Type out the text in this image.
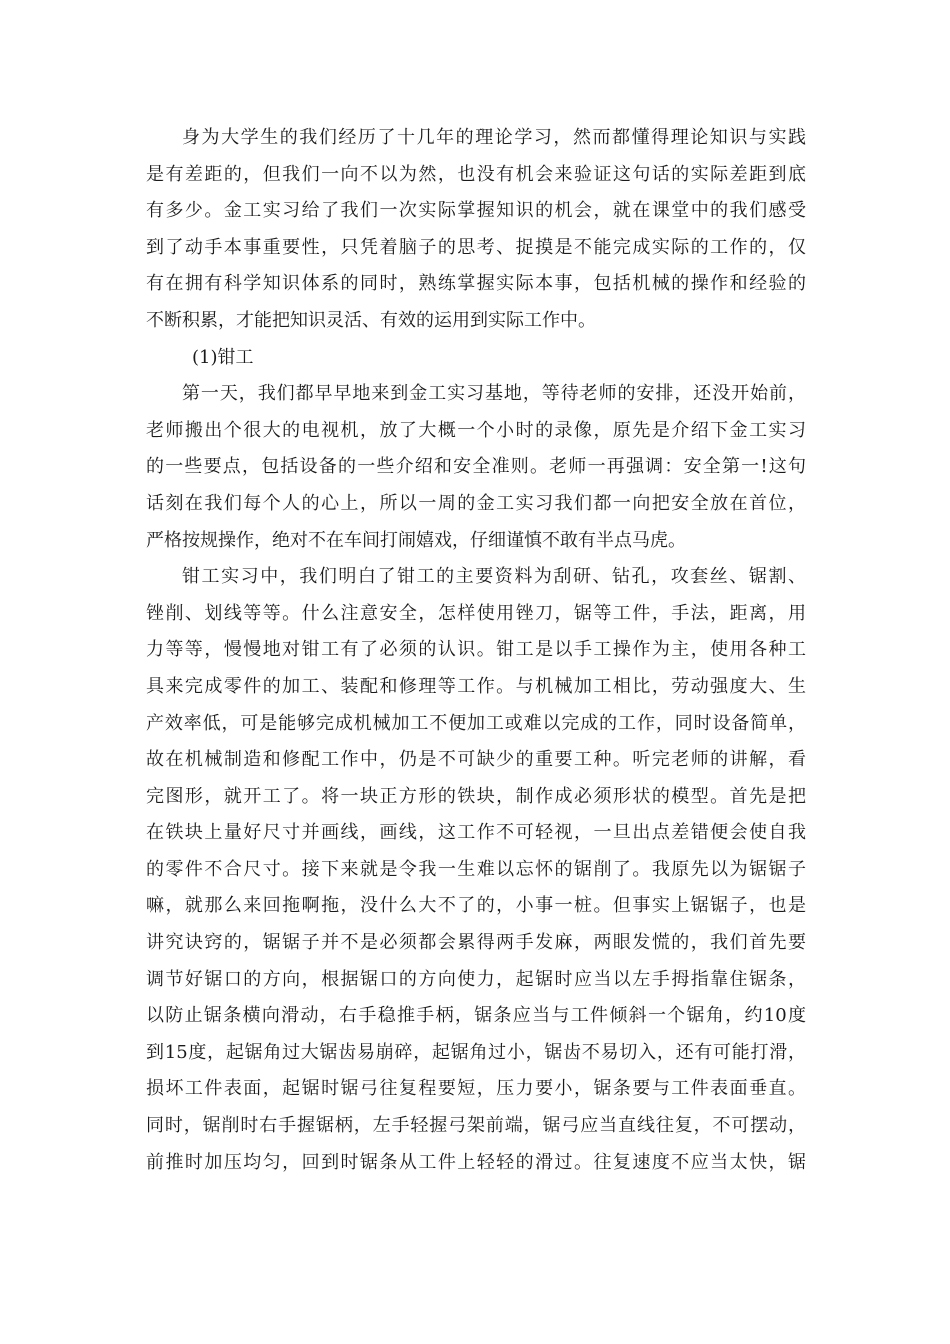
身为大学生的我们经历了十几年的理论学习，然而都懂得理论知识与实践
是有差距的，但我们一向不以为然，也没有机会来验证这句话的实际差距到底
有多少。金工实习给了我们一次实际掌握知识的机会，就在课堂中的我们感受
到了动手本事重要性，只凭着脑子的思考、捉摸是不能完成实际的工作的，仅
有在拥有科学知识体系的同时，熟练掌握实际本事，包括机械的操作和经验的
不断积累，才能把知识灵活、有效的运用到实际工作中。
(1)钳工
第一天，我们都早早地来到金工实习基地，等待老师的安排，还没开始前，
老师搬出个很大的电视机，放了大概一个小时的录像，原先是介绍下金工实习
的一些要点，包括设备的一些介绍和安全准则。老师一再强调：安全第一!这句
话刻在我们每个人的心上，所以一周的金工实习我们都一向把安全放在首位，
严格按规操作，绝对不在车间打闹嬉戏，仔细谨慎不敢有半点马虎。
钳工实习中，我们明白了钳工的主要资料为刮研、钻孔，攻套丝、锯割、
锉削、划线等等。什么注意安全，怎样使用锉刀，锯等工件，手法，距离，用
力等等，慢慢地对钳工有了必须的认识。钳工是以手工操作为主，使用各种工
具来完成零件的加工、装配和修理等工作。与机械加工相比，劳动强度大、生
产效率低，可是能够完成机械加工不便加工或难以完成的工作，同时设备简单，
故在机械制造和修配工作中，仍是不可缺少的重要工种。听完老师的讲解，看
完图形，就开工了。将一块正方形的铁块，制作成必须形状的模型。首先是把
在铁块上量好尺寸并画线，画线，这工作不可轻视，一旦出点差错便会使自我
的零件不合尺寸。接下来就是令我一生难以忘怀的锯削了。我原先以为锯锯子
嘛，就那么来回拖啊拖，没什么大不了的，小事一桩。但事实上锯锯子，也是
讲究诀窍的，锯锯子并不是必须都会累得两手发麻，两眼发慌的，我们首先要
调节好锯口的方向，根据锯口的方向使力，起锯时应当以左手拇指靠住锯条，
以防止锯条横向滑动，右手稳推手柄，锯条应当与工件倾斜一个锯角，约10度
到15度，起锯角过大锯齿易崩碎，起锯角过小，锯齿不易切入，还有可能打滑，
损坏工件表面，起锯时锯弓往复程要短，压力要小，锯条要与工件表面垂直。
同时，锯削时右手握锯柄，左手轻握弓架前端，锯弓应当直线往复，不可摆动，
前推时加压均匀，回到时锯条从工件上轻轻的滑过。往复速度不应当太快，锯
